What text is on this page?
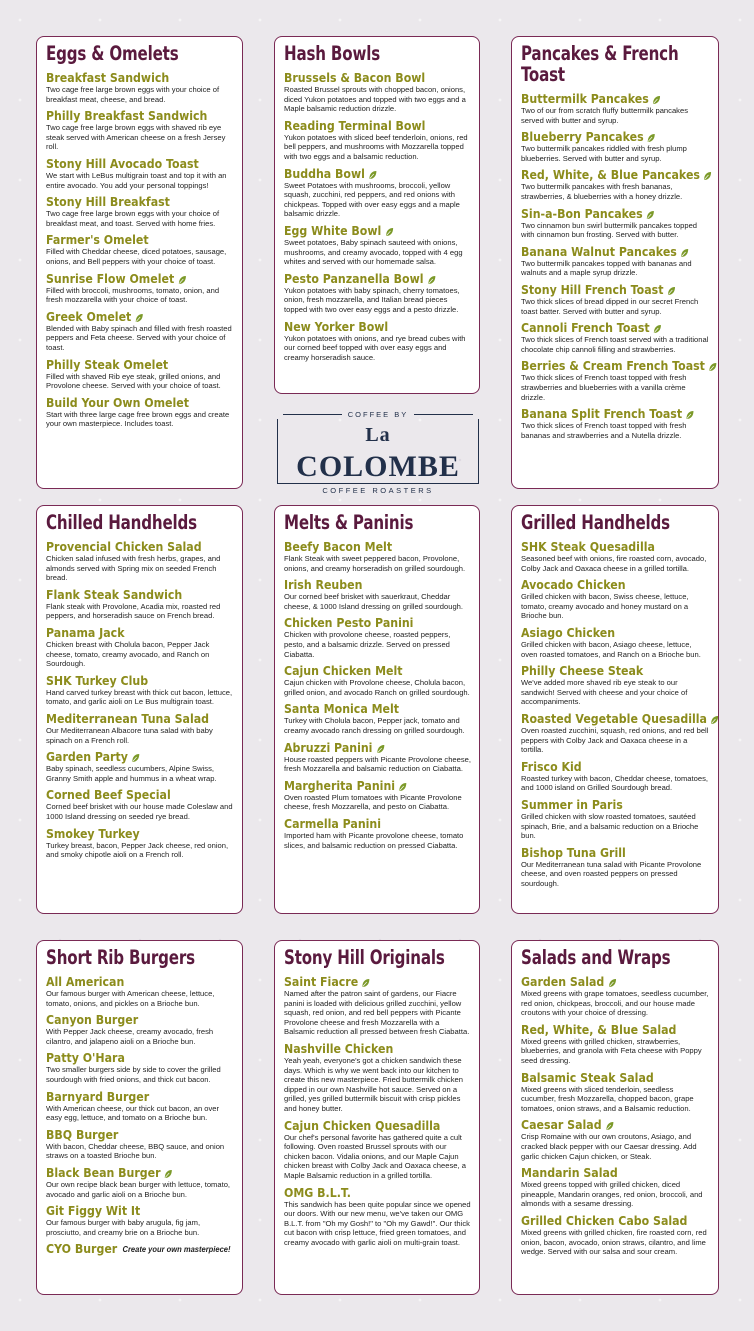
Eggs & Omelets
Breakfast Sandwich
Two cage free large brown eggs with your choice of breakfast meat, cheese, and bread.
Philly Breakfast Sandwich
Two cage free large brown eggs with shaved rib eye steak served with American cheese on a fresh Jersey roll.
Stony Hill Avocado Toast
We start with LeBus multigrain toast and top it with an entire avocado. You add your personal toppings!
Stony Hill Breakfast
Two cage free large brown eggs with your choice of breakfast meat, and toast. Served with home fries.
Farmer's Omelet
Filled with Cheddar cheese, diced potatoes, sausage, onions, and Bell peppers with your choice of toast.
Sunrise Flow Omelet
Filled with broccoli, mushrooms, tomato, onion, and fresh mozzarella with your choice of toast.
Greek Omelet
Blended with Baby spinach and filled with fresh roasted peppers and Feta cheese. Served with your choice of toast.
Philly Steak Omelet
Filled with shaved Rib eye steak, grilled onions, and Provolone cheese. Served with your choice of toast.
Build Your Own Omelet
Start with three large cage free brown eggs and create your own masterpiece. Includes toast.
Hash Bowls
Brussels & Bacon Bowl
Roasted Brussel sprouts with chopped bacon, onions, diced Yukon potatoes and topped with two eggs and a Maple balsamic reduction drizzle.
Reading Terminal Bowl
Yukon potatoes with sliced beef tenderloin, onions, red bell peppers, and mushrooms with Mozzarella topped with two eggs and a balsamic reduction.
Buddha Bowl
Sweet Potatoes with mushrooms, broccoli, yellow squash, zucchini, red peppers, and red onions with chickpeas. Topped with over easy eggs and a maple balsamic drizzle.
Egg White Bowl
Sweet potatoes, Baby spinach sauteed with onions, mushrooms, and creamy avocado, topped with 4 egg whites and served with our homemade salsa.
Pesto Panzanella Bowl
Yukon potatoes with baby spinach, cherry tomatoes, onion, fresh mozzarella, and Italian bread pieces topped with two over easy eggs and a pesto drizzle.
New Yorker Bowl
Yukon potatoes with onions, and rye bread cubes with our corned beef topped with over easy eggs and creamy horseradish sauce.
Pancakes & French Toast
Buttermilk Pancakes
Two of our from scratch fluffy buttermilk pancakes served with butter and syrup.
Blueberry Pancakes
Two buttermilk pancakes riddled with fresh plump blueberries. Served with butter and syrup.
Red, White, & Blue Pancakes
Two buttermilk pancakes with fresh bananas, strawberries, & blueberries with a honey drizzle.
Sin-a-Bon Pancakes
Two cinnamon bun swirl buttermilk pancakes topped with cinnamon bun frosting. Served with butter.
Banana Walnut Pancakes
Two buttermilk pancakes topped with bananas and walnuts and a maple syrup drizzle.
Stony Hill French Toast
Two thick slices of bread dipped in our secret French toast batter. Served with butter and syrup.
Cannoli French Toast
Two thick slices of French toast served with a traditional chocolate chip cannoli filling and strawberries.
Berries & Cream French Toast
Two thick slices of French toast topped with fresh strawberries and blueberries with a vanilla crème drizzle.
Banana Split French Toast
Two thick slices of French toast topped with fresh bananas and strawberries and a Nutella drizzle.
Chilled Handhelds
Provencial Chicken Salad
Chicken salad infused with fresh herbs, grapes, and almonds served with Spring mix on seeded French bread.
Flank Steak Sandwich
Flank steak with Provolone, Acadia mix, roasted red peppers, and horseradish sauce on French bread.
Panama Jack
Chicken breast with Cholula bacon, Pepper Jack cheese, tomato, creamy avocado, and Ranch on Sourdough.
SHK Turkey Club
Hand carved turkey breast with thick cut bacon, lettuce, tomato, and garlic aioli on Le Bus multigrain toast.
Mediterranean Tuna Salad
Our Mediterranean Albacore tuna salad with baby spinach on a French roll.
Garden Party
Baby spinach, seedless cucumbers, Alpine Swiss, Granny Smith apple and hummus in a wheat wrap.
Corned Beef Special
Corned beef brisket with our house made Coleslaw and 1000 Island dressing on seeded rye bread.
Smokey Turkey
Turkey breast, bacon, Pepper Jack cheese, red onion, and smoky chipotle aioli on a French roll.
Melts & Paninis
Beefy Bacon Melt
Flank Steak with sweet peppered bacon, Provolone, onions, and creamy horseradish on grilled sourdough.
Irish Reuben
Our corned beef brisket with sauerkraut, Cheddar cheese, & 1000 Island dressing on grilled sourdough.
Chicken Pesto Panini
Chicken with provolone cheese, roasted peppers, pesto, and a balsamic drizzle. Served on pressed Ciabatta.
Cajun Chicken Melt
Cajun chicken with Provolone cheese, Cholula bacon, grilled onion, and avocado Ranch on grilled sourdough.
Santa Monica Melt
Turkey with Cholula bacon, Pepper jack, tomato and creamy avocado ranch dressing on grilled sourdough.
Abruzzi Panini
House roasted peppers with Picante Provolone cheese, fresh Mozzarella and balsamic reduction on Ciabatta.
Margherita Panini
Oven roasted Plum tomatoes with Picante Provolone cheese, fresh Mozzarella, and pesto on Ciabatta.
Carmella Panini
Imported ham with Picante provolone cheese, tomato slices, and balsamic reduction on pressed Ciabatta.
Grilled Handhelds
SHK Steak Quesadilla
Seasoned beef with onions, fire roasted corn, avocado, Colby Jack and Oaxaca cheese in a grilled tortilla.
Avocado Chicken
Grilled chicken with bacon, Swiss cheese, lettuce, tomato, creamy avocado and honey mustard on a Brioche bun.
Asiago Chicken
Grilled chicken with bacon, Asiago cheese, lettuce, oven roasted tomatoes, and Ranch on a Brioche bun.
Philly Cheese Steak
We've added more shaved rib eye steak to our sandwich! Served with cheese and your choice of accompaniments.
Roasted Vegetable Quesadilla
Oven roasted zucchini, squash, red onions, and red bell peppers with Colby Jack and Oaxaca cheese in a tortilla.
Frisco Kid
Roasted turkey with bacon, Cheddar cheese, tomatoes, and 1000 island on Grilled Sourdough bread.
Summer in Paris
Grilled chicken with slow roasted tomatoes, sautéed spinach, Brie, and a balsamic reduction on a Brioche bun.
Bishop Tuna Grill
Our Mediterranean tuna salad with Picante Provolone cheese, and oven roasted peppers on pressed sourdough.
Short Rib Burgers
All American
Our famous burger with American cheese, lettuce, tomato, onions, and pickles on a Brioche bun.
Canyon Burger
With Pepper Jack cheese, creamy avocado, fresh cilantro, and jalapeno aioli on a Brioche bun.
Patty O'Hara
Two smaller burgers side by side to cover the grilled sourdough with fried onions, and thick cut bacon.
Barnyard Burger
With American cheese, our thick cut bacon, an over easy egg, lettuce, and tomato on a Brioche bun.
BBQ Burger
With bacon, Cheddar cheese, BBQ sauce, and onion straws on a toasted Brioche bun.
Black Bean Burger
Our own recipe black bean burger with lettuce, tomato, avocado and garlic aioli on a Brioche bun.
Git Figgy Wit It
Our famous burger with baby arugula, fig jam, prosciutto, and creamy brie on a Brioche bun.
CYO Burger Create your own masterpiece!
Stony Hill Originals
Saint Fiacre
Named after the patron saint of gardens, our Fiacre panini is loaded with delicious grilled zucchini, yellow squash, red onion, and red bell peppers with Picante Provolone cheese and fresh Mozzarella with a Balsamic reduction all pressed between fresh Ciabatta.
Nashville Chicken
Yeah yeah, everyone's got a chicken sandwich these days. Which is why we went back into our kitchen to create this new masterpiece. Fried buttermilk chicken dipped in our own Nashville hot sauce. Served on a grilled, yes grilled buttermilk biscuit with crisp pickles and honey butter.
Cajun Chicken Quesadilla
Our chef's personal favorite has gathered quite a cult following. Oven roasted Brussel sprouts with our chicken bacon. Vidalia onions, and our Maple Cajun chicken breast with Colby Jack and Oaxaca cheese, a Maple Balsamic reduction in a grilled tortilla.
OMG B.L.T.
This sandwich has been quite popular since we opened our doors. With our new menu, we've taken our OMG B.L.T. from "Oh my Gosh!" to "Oh my Gawd!". Our thick cut bacon with crisp lettuce, fried green tomatoes, and creamy avocado with garlic aioli on multi-grain toast.
Salads and Wraps
Garden Salad
Mixed greens with grape tomatoes, seedless cucumber, red onion, chickpeas, broccoli, and our house made croutons with your choice of dressing.
Red, White, & Blue Salad
Mixed greens with grilled chicken, strawberries, blueberries, and granola with Feta cheese with Poppy seed dressing.
Balsamic Steak Salad
Mixed greens with sliced tenderloin, seedless cucumber, fresh Mozzarella, chopped bacon, grape tomatoes, onion straws, and a Balsamic reduction.
Caesar Salad
Crisp Romaine with our own croutons, Asiago, and cracked black pepper with our Caesar dressing. Add garlic chicken Cajun chicken, or Steak.
Mandarin Salad
Mixed greens topped with grilled chicken, diced pineapple, Mandarin oranges, red onion, broccoli, and almonds with a sesame dressing.
Grilled Chicken Cabo Salad
Mixed greens with grilled chicken, fire roasted corn, red onion, bacon, avocado, onion straws, cilantro, and lime wedge. Served with our salsa and sour cream.
COFFEE BY
La COLOMBE
COFFEE ROASTERS
